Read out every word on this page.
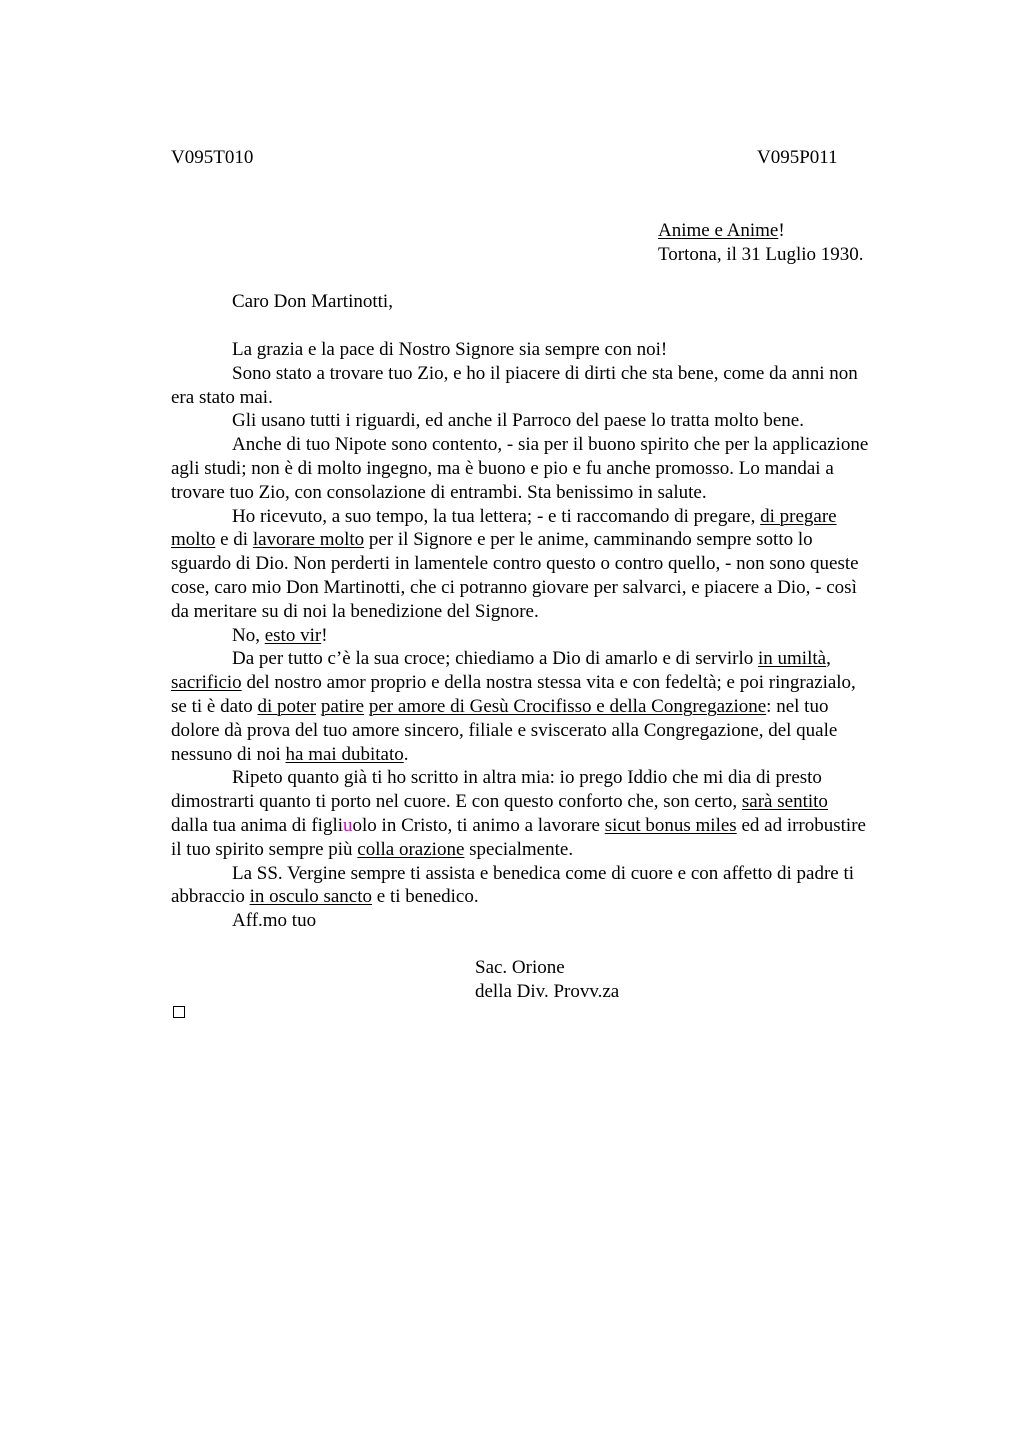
V095T010	V095P011
Anime e Anime!
Tortona, il 31 Luglio 1930.
Caro Don Martinotti,
La grazia e la pace di Nostro Signore sia sempre con noi!
Sono stato a trovare tuo Zio, e ho il piacere di dirti che sta bene, come da anni non
era stato mai.
Gli usano tutti i riguardi, ed anche il Parroco del paese lo tratta molto bene.
Anche di tuo Nipote sono contento, - sia per il buono spirito che per la applicazione
agli studi; non è di molto ingegno, ma è buono e pio e fu anche promosso. Lo mandai a
trovare tuo Zio, con consolazione di entrambi. Sta benissimo in salute.
Ho ricevuto, a suo tempo, la tua lettera; - e ti raccomando di pregare, di pregare
molto e di lavorare molto per il Signore e per le anime, camminando sempre sotto lo
sguardo di Dio. Non perderti in lamentele contro questo o contro quello, - non sono queste
cose, caro mio Don Martinotti, che ci potranno giovare per salvarci, e piacere a Dio, - così
da meritare su di noi la benedizione del Signore.
No, esto vir!
Da per tutto c’è la sua croce; chiediamo a Dio di amarlo e di servirlo in umiltà,
sacrificio del nostro amor proprio e della nostra stessa vita e con fedeltà; e poi ringrazialo,
se ti è dato di poter patire per amore di Gesù Crocifisso e della Congregazione: nel tuo
dolore dà prova del tuo amore sincero, filiale e sviscerato alla Congregazione, del quale
nessuno di noi ha mai dubitato.
Ripeto quanto già ti ho scritto in altra mia: io prego Iddio che mi dia di presto
dimostrarti quanto ti porto nel cuore. E con questo conforto che, son certo, sarà sentito
dalla tua anima di figliuolo in Cristo, ti animo a lavorare sicut bonus miles ed ad irrobustire
il tuo spirito sempre più colla orazione specialmente.
La SS. Vergine sempre ti assista e benedica come di cuore e con affetto di padre ti
abbraccio in osculo sancto e ti benedico.
Aff.mo tuo
Sac. Orione
della Div. Provv.za
